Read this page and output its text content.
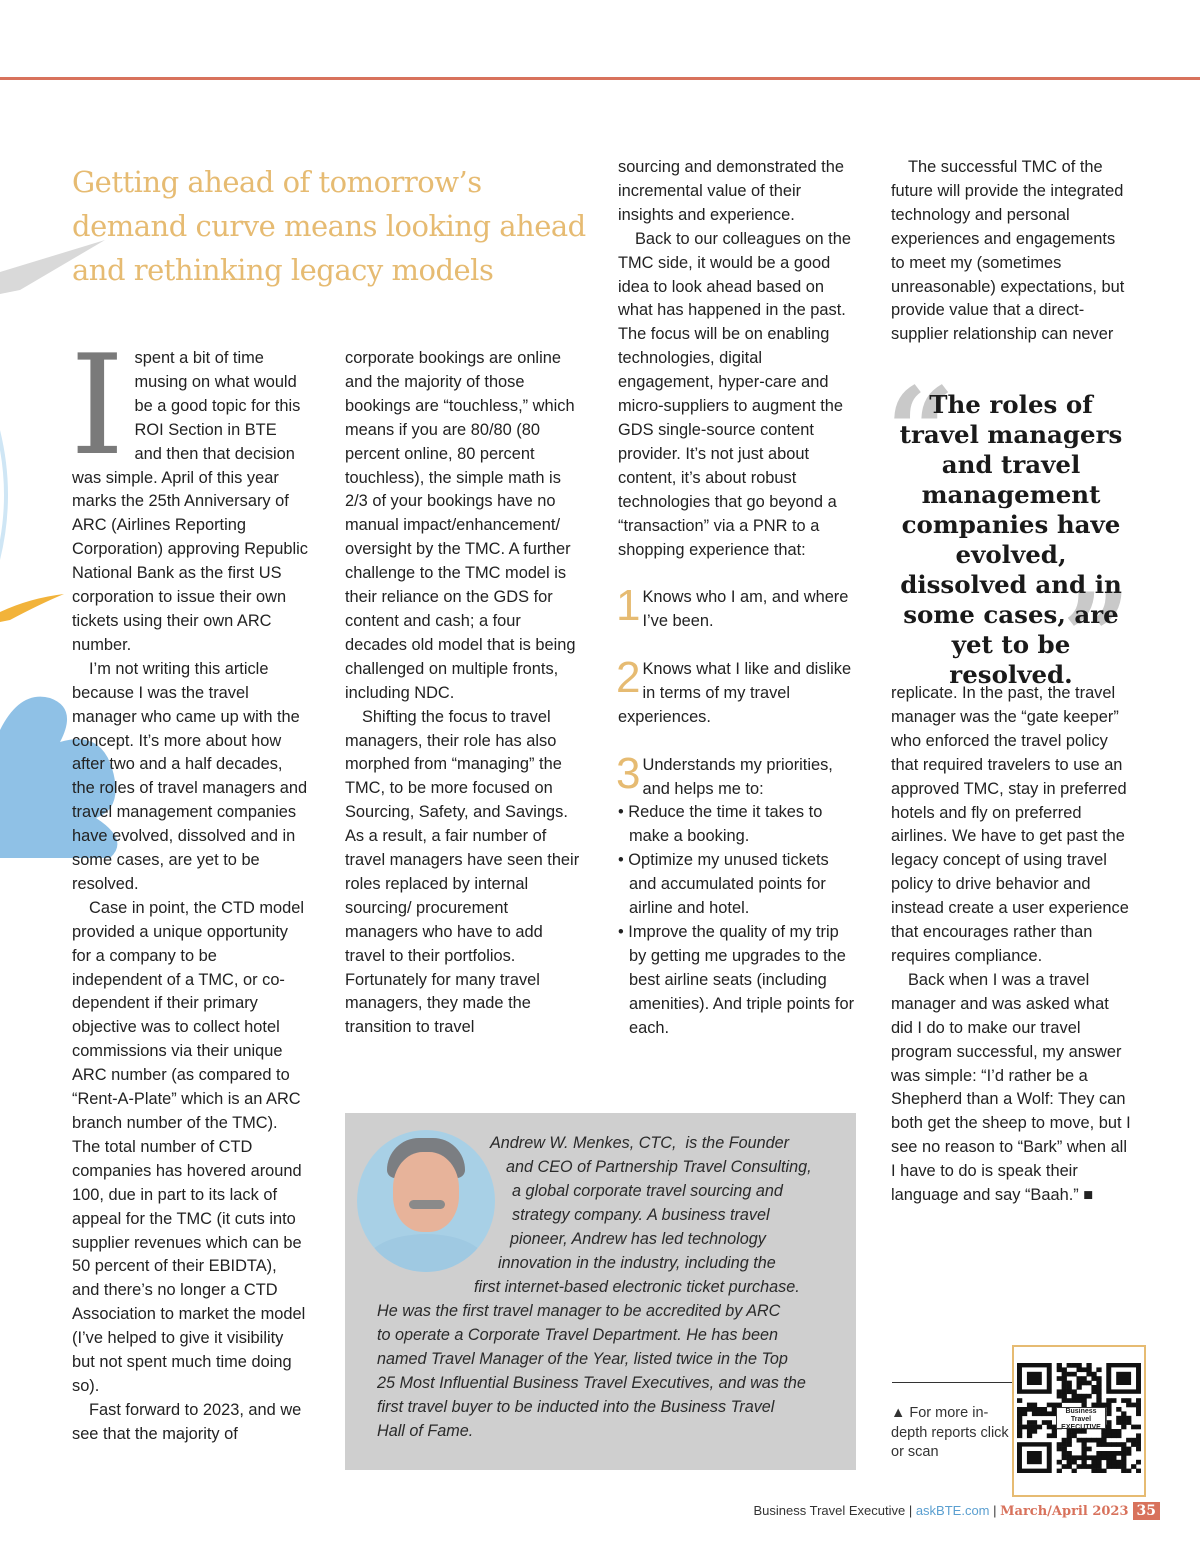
Getting ahead of tomorrow’s demand curve means looking ahead and rethinking legacy models

Ispent a bit of time musing on what would be a good topic for this ROI Section in BTE and then that decision was simple. April of this year marks the 25th Anniversary of ARC (Airlines Reporting Corporation) approving Republic National Bank as the first US corporation to issue their own tickets using their own ARC number.

I’m not writing this article because I was the travel manager who came up with the concept. It’s more about how after two and a half decades, the roles of travel managers and travel management companies have evolved, dissolved and in some cases, are yet to be resolved.

Case in point, the CTD model provided a unique opportunity for a company to be independent of a TMC, or co-dependent if their primary objective was to collect hotel commissions via their unique ARC number (as compared to “Rent-A-Plate” which is an ARC branch number of the TMC). The total number of CTD companies has hovered around 100, due in part to its lack of appeal for the TMC (it cuts into supplier revenues which can be 50 percent of their EBIDTA), and there’s no longer a CTD Association to market the model (I’ve helped to give it visibility but not spent much time doing so).

Fast forward to 2023, and we see that the majority of

corporate bookings are online and the majority of those bookings are “touchless,” which means if you are 80/80 (80 percent online, 80 percent touchless), the simple math is 2/3 of your bookings have no manual impact/enhancement/ oversight by the TMC. A further challenge to the TMC model is their reliance on the GDS for content and cash; a four decades old model that is being challenged on multiple fronts, including NDC.

Shifting the focus to travel managers, their role has also morphed from “managing” the TMC, to be more focused on Sourcing, Safety, and Savings. As a result, a fair number of travel managers have seen their roles replaced by internal sourcing/ procurement managers who have to add travel to their portfolios. Fortunately for many travel managers, they made the transition to travel

sourcing and demonstrated the incremental value of their insights and experience.

Back to our colleagues on the TMC side, it would be a good idea to look ahead based on what has happened in the past. The focus will be on enabling technologies, digital engagement, hyper-care and micro-suppliers to augment the GDS single-source content provider. It’s not just about content, it’s about robust technologies that go beyond a “transaction” via a PNR to a shopping experience that:

1 Knows who I am, and where I’ve been.

2 Knows what I like and dislike in terms of my travel experiences.

3 Understands my priorities, and helps me to:

• Reduce the time it takes to make a booking.
• Optimize my unused tickets and accumulated points for airline and hotel.
• Improve the quality of my trip by getting me upgrades to the best airline seats (including amenities). And triple points for each.

The successful TMC of the future will provide the integrated technology and personal experiences and engagements to meet my (sometimes unreasonable) expectations, but provide value that a direct-supplier relationship can never

“
”
The roles of travel managers and travel management companies have evolved, dissolved and in some cases, are yet to be resolved.

replicate. In the past, the travel manager was the “gate keeper” who enforced the travel policy that required travelers to use an approved TMC, stay in preferred hotels and fly on preferred airlines. We have to get past the legacy concept of using travel policy to drive behavior and instead create a user experience that encourages rather than requires compliance.

Back when I was a travel manager and was asked what did I do to make our travel program successful, my answer was simple: “I’d rather be a Shepherd than a Wolf: They can both get the sheep to move, but I see no reason to “Bark” when all I have to do is speak their language and say “Baah.” ■

Andrew W. Menkes, CTC, is the Founder
and CEO of Partnership Travel Consulting,
a global corporate travel sourcing and
strategy company. A business travel
pioneer, Andrew has led technology
innovation in the industry, including the
first internet-based electronic ticket purchase.
He was the first travel manager to be accredited by ARC
to operate a Corporate Travel Department. He has been
named Travel Manager of the Year, listed twice in the Top
25 Most Influential Business Travel Executives, and was the
first travel buyer to be inducted into the Business Travel
Hall of Fame.
▲ For more in-depth reports click or scan
Business Travel EXECUTIVE
Business Travel Executive | askBTE.com | March/April 2023 35
